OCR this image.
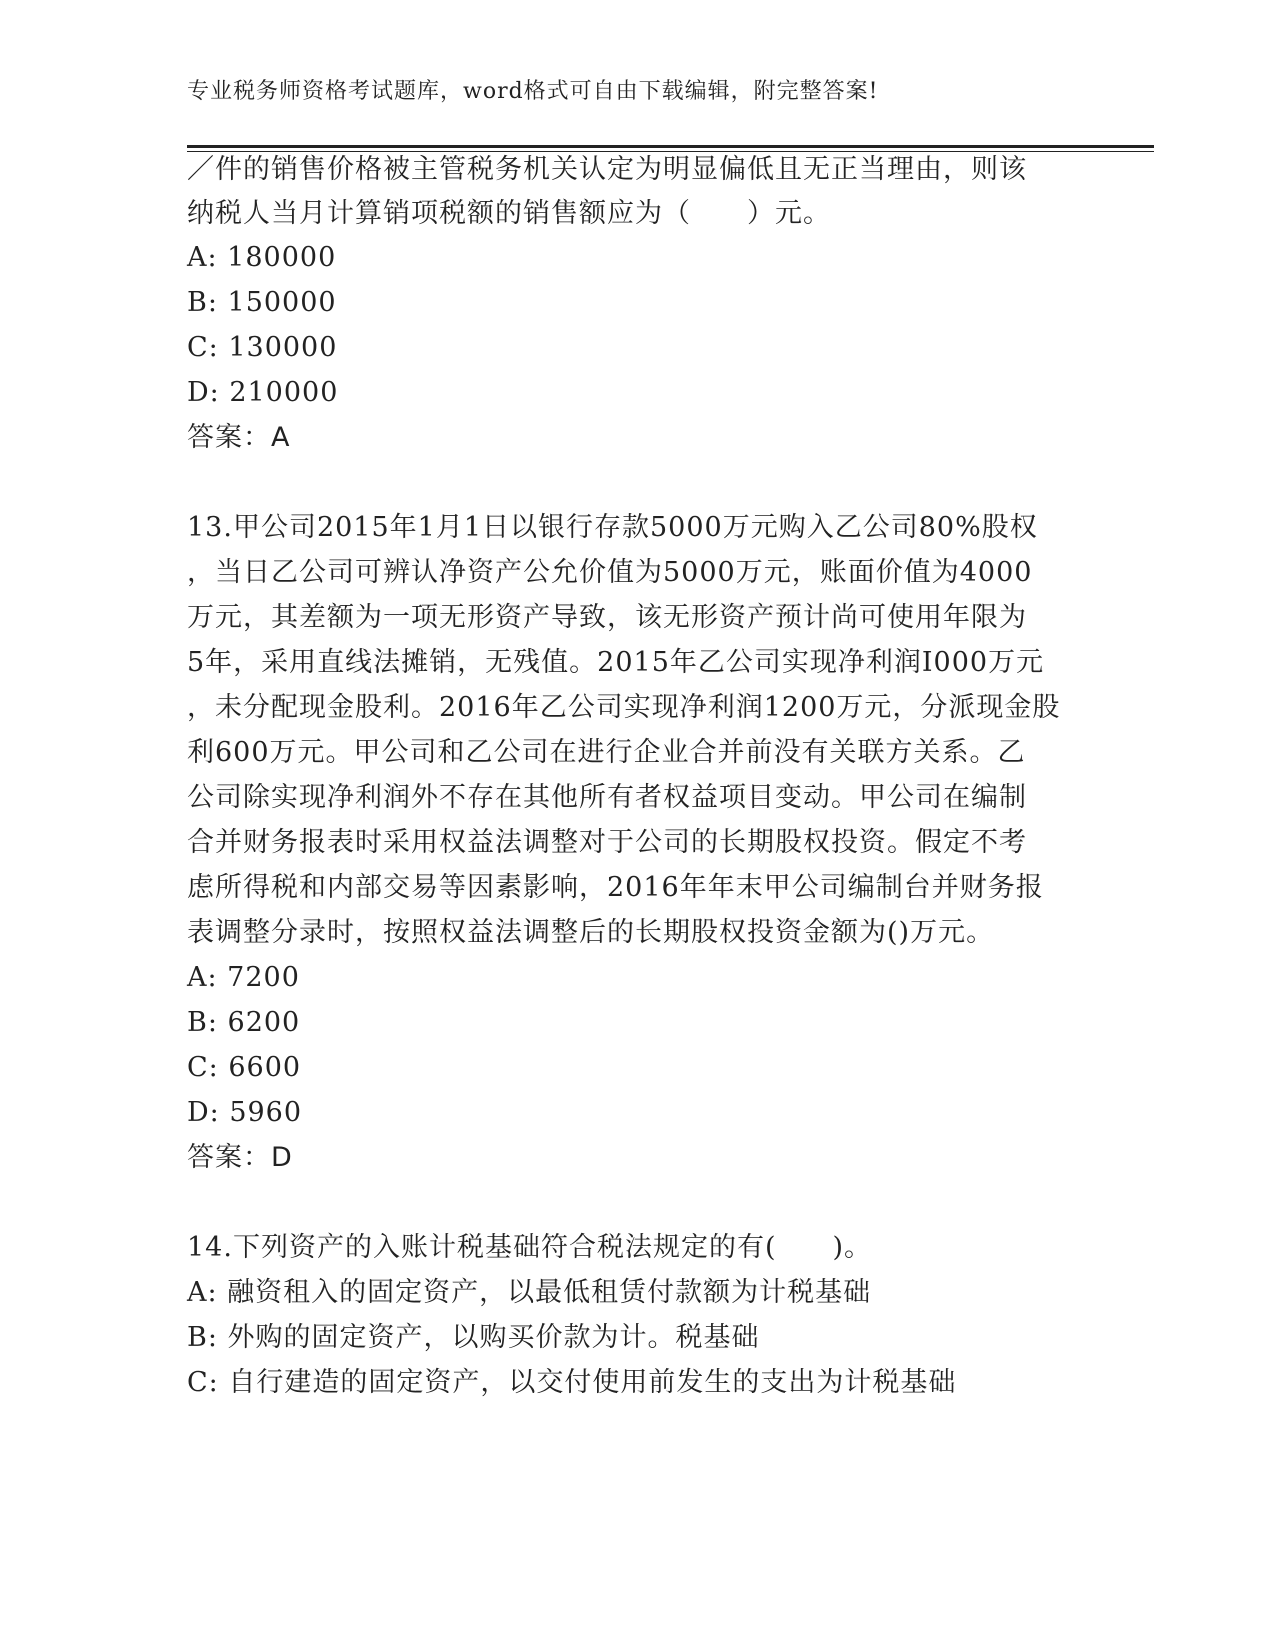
专业税务师资格考试题库，word格式可自由下载编辑，附完整答案!
／件的销售价格被主管税务机关认定为明显偏低且无正当理由，则该
纳税人当月计算销项税额的销售额应为（　　）元。
A: 180000
B: 150000
C: 130000
D: 210000
答案：A
13.甲公司2015年1月1日以银行存款5000万元购入乙公司80%股权
，当日乙公司可辨认净资产公允价值为5000万元，账面价值为4000
万元，其差额为一项无形资产导致，该无形资产预计尚可使用年限为
5年，采用直线法摊销，无残值。2015年乙公司实现净利润I000万元
，未分配现金股利。2016年乙公司实现净利润1200万元，分派现金股
利600万元。甲公司和乙公司在进行企业合并前没有关联方关系。乙
公司除实现净利润外不存在其他所有者权益项目变动。甲公司在编制
合并财务报表时采用权益法调整对于公司的长期股权投资。假定不考
虑所得税和内部交易等因素影响，2016年年末甲公司编制台并财务报
表调整分录时，按照权益法调整后的长期股权投资金额为()万元。
A: 7200
B: 6200
C: 6600
D: 5960
答案：D
14.下列资产的入账计税基础符合税法规定的有(　　)。
A: 融资租入的固定资产，以最低租赁付款额为计税基础
B: 外购的固定资产，以购买价款为计。税基础
C: 自行建造的固定资产，以交付使用前发生的支出为计税基础
